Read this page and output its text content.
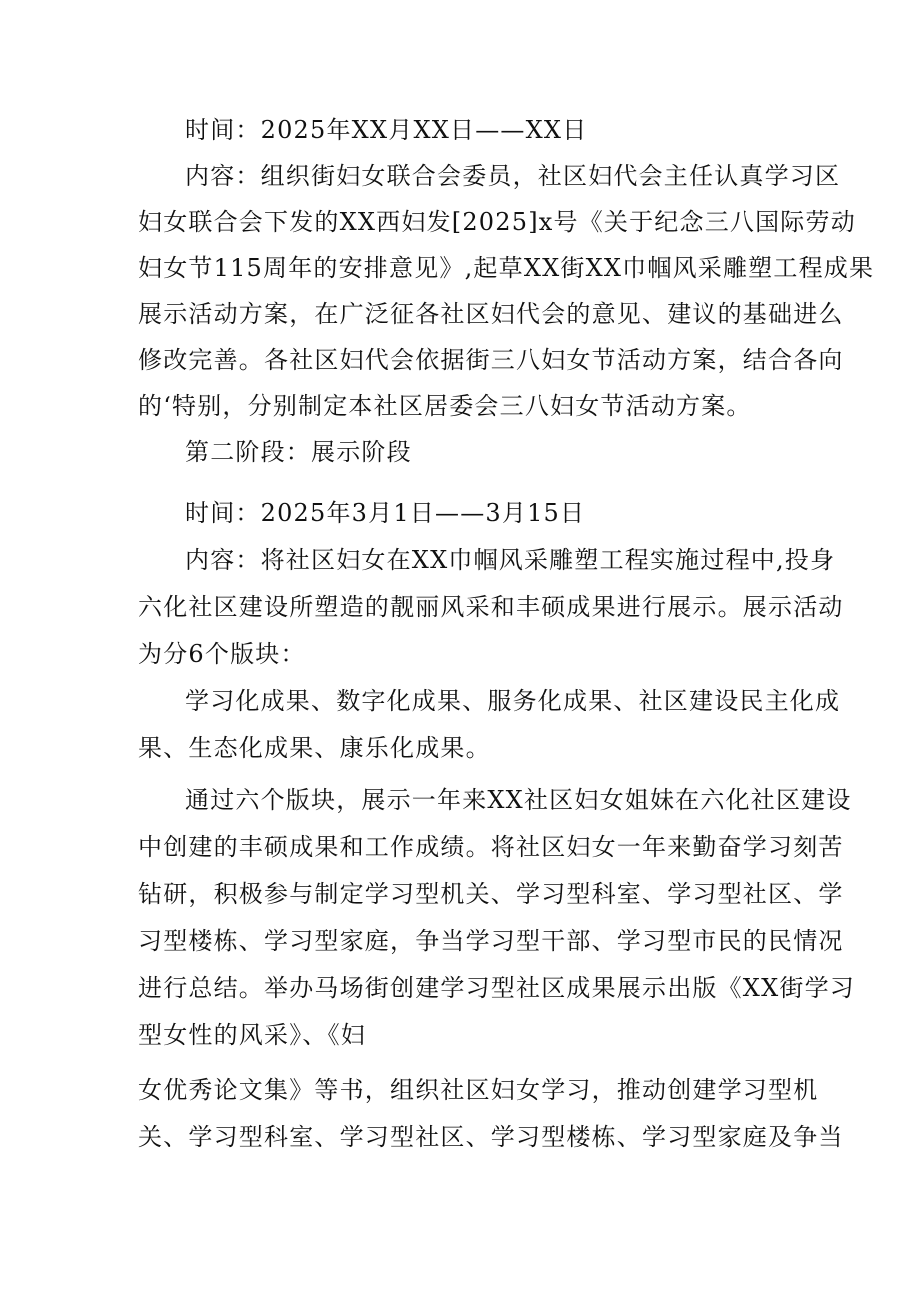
时间：2025年XX月XX日——XX日
内容：组织街妇女联合会委员，社区妇代会主任认真学习区
妇女联合会下发的XX西妇发[2025]x号《关于纪念三八国际劳动
妇女节115周年的安排意见》,起草XX街XX巾帼风采雕塑工程成果
展示活动方案，在广泛征各社区妇代会的意见、建议的基础进么
修改完善。各社区妇代会依据街三八妇女节活动方案，结合各向
的‘特别，分别制定本社区居委会三八妇女节活动方案。
第二阶段：展示阶段
时间：2025年3月1日——3月15日
内容：将社区妇女在XX巾帼风采雕塑工程实施过程中,投身
六化社区建设所塑造的靓丽风采和丰硕成果进行展示。展示活动
为分6个版块：
学习化成果、数字化成果、服务化成果、社区建设民主化成
果、生态化成果、康乐化成果。
通过六个版块，展示一年来XX社区妇女姐妹在六化社区建设
中创建的丰硕成果和工作成绩。将社区妇女一年来勤奋学习刻苦
钻研，积极参与制定学习型机关、学习型科室、学习型社区、学
习型楼栋、学习型家庭，争当学习型干部、学习型市民的民情况
进行总结。举办马场街创建学习型社区成果展示出版《XX街学习
型女性的风采》、《妇
女优秀论文集》等书，组织社区妇女学习，推动创建学习型机
关、学习型科室、学习型社区、学习型楼栋、学习型家庭及争当
